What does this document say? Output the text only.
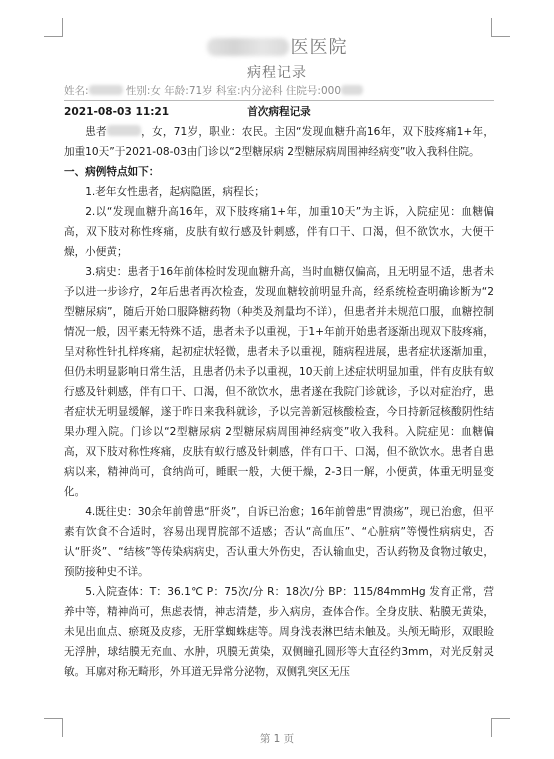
医医院
病程记录
姓名:	性别:女 年龄:71岁 科室:内分泌科 住院号:000
首次病程记录
2021-08-03 11:21

患者	，女，71岁，职业：农民。主因“发现血糖升高16年，双下肢疼痛1+年，加重10天”于2021-08-03由门诊以“2型糖尿病 2型糖尿病周围神经病变”收入我科住院。

一、病例特点如下：

1.老年女性患者，起病隐匿，病程长；

2.以“发现血糖升高16年，双下肢疼痛1+年，加重10天”为主诉，入院症见：血糖偏高，双下肢对称性疼痛，皮肤有蚁行感及针刺感，伴有口干、口渴，但不欲饮水，大便干燥，小便黄；

3.病史：患者于16年前体检时发现血糖升高，当时血糖仅偏高，且无明显不适，患者未予以进一步诊疗，2年后患者再次检查，发现血糖较前明显升高，经系统检查明确诊断为“2型糖尿病”，随后开始口服降糖药物（种类及剂量均不详），但患者并未规范口服，血糖控制情况一般，因平素无特殊不适，患者未予以重视，于1+年前开始患者逐渐出现双下肢疼痛，呈对称性针扎样疼痛，起初症状轻微，患者未予以重视，随病程进展，患者症状逐渐加重，但仍未明显影响日常生活，且患者仍未予以重视，10天前上述症状明显加重，伴有皮肤有蚁行感及针刺感，伴有口干、口渴，但不欲饮水，患者遂在我院门诊就诊，予以对症治疗，患者症状无明显缓解，遂于昨日来我科就诊，予以完善新冠核酸检查，今日持新冠核酸阴性结果办理入院。门诊以“2型糖尿病 2型糖尿病周围神经病变”收入我科。入院症见：血糖偏高，双下肢对称性疼痛，皮肤有蚁行感及针刺感，伴有口干、口渴，但不欲饮水。患者自患病以来，精神尚可，食纳尚可，睡眠一般，大便干燥，2-3日一解，小便黄，体重无明显变化。

4.既往史：30余年前曾患“肝炎”，自诉已治愈；16年前曾患“胃溃疡”，现已治愈，但平素有饮食不合适时，容易出现胃脘部不适感；否认“高血压”、“心脏病”等慢性病病史，否认“肝炎”、“结核”等传染病病史，否认重大外伤史，否认输血史，否认药物及食物过敏史，预防接种史不详。

5.入院查体：T：36.1℃ P：75次/分 R：18次/分 BP：115/84mmHg 发育正常，营养中等，精神尚可，焦虑表情，神志清楚，步入病房，查体合作。全身皮肤、粘膜无黄染，未见出血点、瘀斑及皮疹，无肝掌蜘蛛痣等。周身浅表淋巴结未触及。头颅无畸形，双眼睑无浮肿，球结膜无充血、水肿，巩膜无黄染，双侧瞳孔圆形等大直径约3mm，对光反射灵敏。耳廓对称无畸形，外耳道无异常分泌物，双侧乳突区无压

第 1 页
